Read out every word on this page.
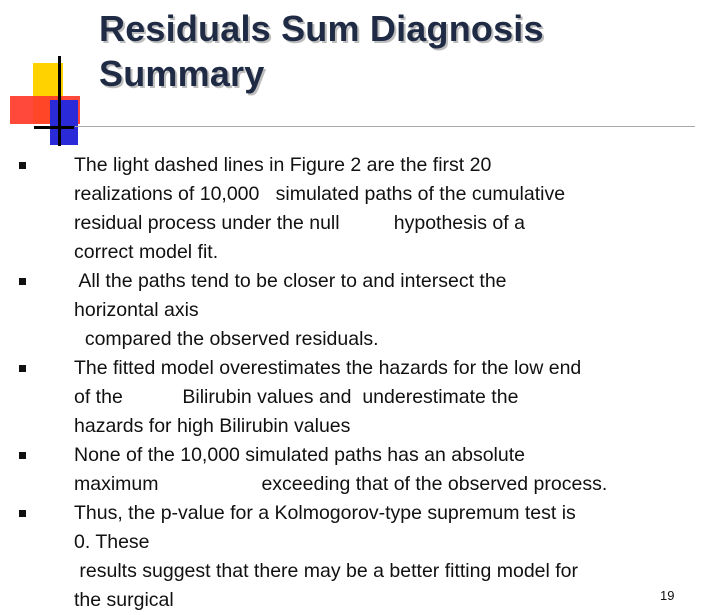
Residuals Sum Diagnosis
Summary
The light dashed lines in Figure 2 are the first 20
realizations of 10,000   simulated paths of the cumulative
residual process under the null          hypothesis of a
correct model fit.
All the paths tend to be closer to and intersect the
horizontal axis
compared the observed residuals.
The fitted model overestimates the hazards for the low end
of the           Bilirubin values and  underestimate the
hazards for high Bilirubin values
None of the 10,000 simulated paths has an absolute
maximum                   exceeding that of the observed process.
Thus, the p-value for a Kolmogorov-type supremum test is
0. These
results suggest that there may be a better fitting model for
the surgical	19
